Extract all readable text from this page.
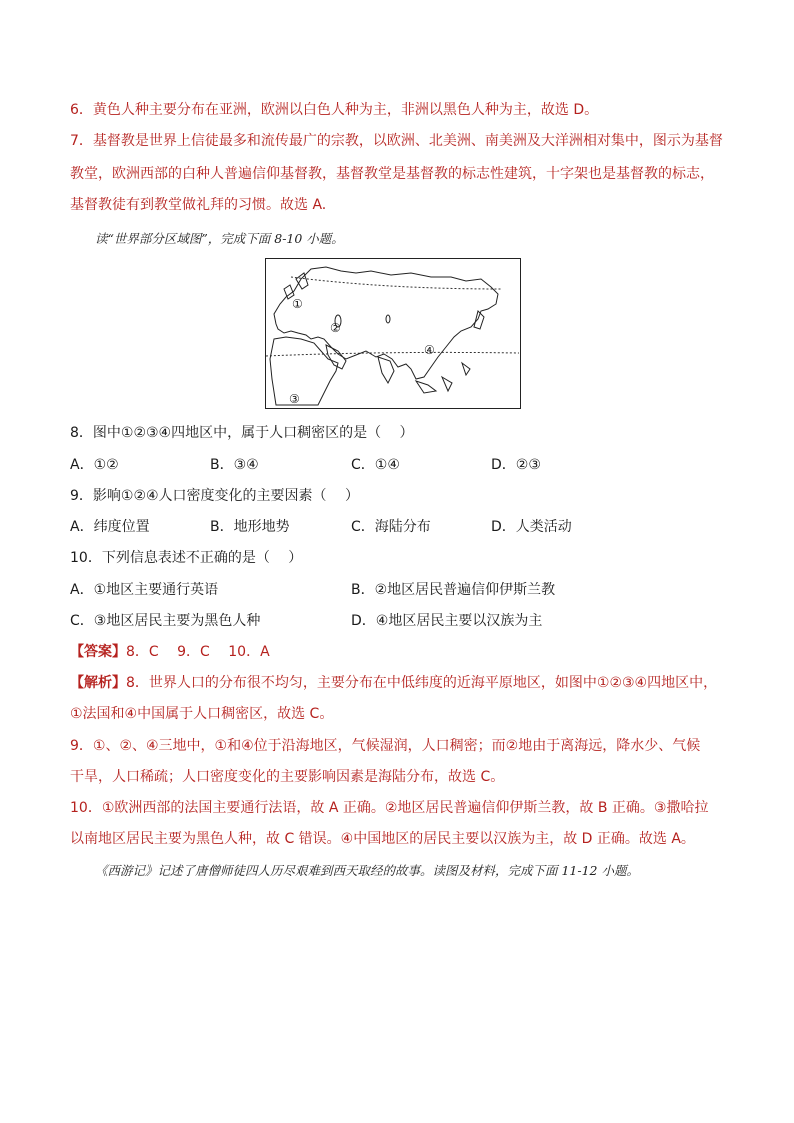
6．黄色人种主要分布在亚洲，欧洲以白色人种为主，非洲以黑色人种为主，故选 D。
7．基督教是世界上信徒最多和流传最广的宗教，以欧洲、北美洲、南美洲及大洋洲相对集中，图示为基督
教堂，欧洲西部的白种人普遍信仰基督教，基督教堂是基督教的标志性建筑，十字架也是基督教的标志，
基督教徒有到教堂做礼拜的习惯。故选 A.
读“世界部分区域图”，完成下面 8-10 小题。
①
②
③
④
8．图中①②③④四地区中，属于人口稠密区的是（　 ）
A．①②	B．③④	C．①④	D．②③
9．影响①②④人口密度变化的主要因素（　 ）
A．纬度位置	B．地形地势	C．海陆分布	D．人类活动
10．下列信息表述不正确的是（　 ）
A．①地区主要通行英语	B．②地区居民普遍信仰伊斯兰教
C．③地区居民主要为黑色人种	D．④地区居民主要以汉族为主
【答案】8．C　 9．C　 10．A
【解析】8．世界人口的分布很不均匀，主要分布在中低纬度的近海平原地区，如图中①②③④四地区中，
①法国和④中国属于人口稠密区，故选 C。
9．①、②、④三地中，①和④位于沿海地区，气候湿润，人口稠密；而②地由于离海远，降水少、气候
干旱，人口稀疏；人口密度变化的主要影响因素是海陆分布，故选 C。
10．①欧洲西部的法国主要通行法语，故 A 正确。②地区居民普遍信仰伊斯兰教，故 B 正确。③撒哈拉
以南地区居民主要为黑色人种，故 C 错误。④中国地区的居民主要以汉族为主，故 D 正确。故选 A。
《西游记》记述了唐僧师徒四人历尽艰难到西天取经的故事。读图及材料，完成下面 11-12 小题。
